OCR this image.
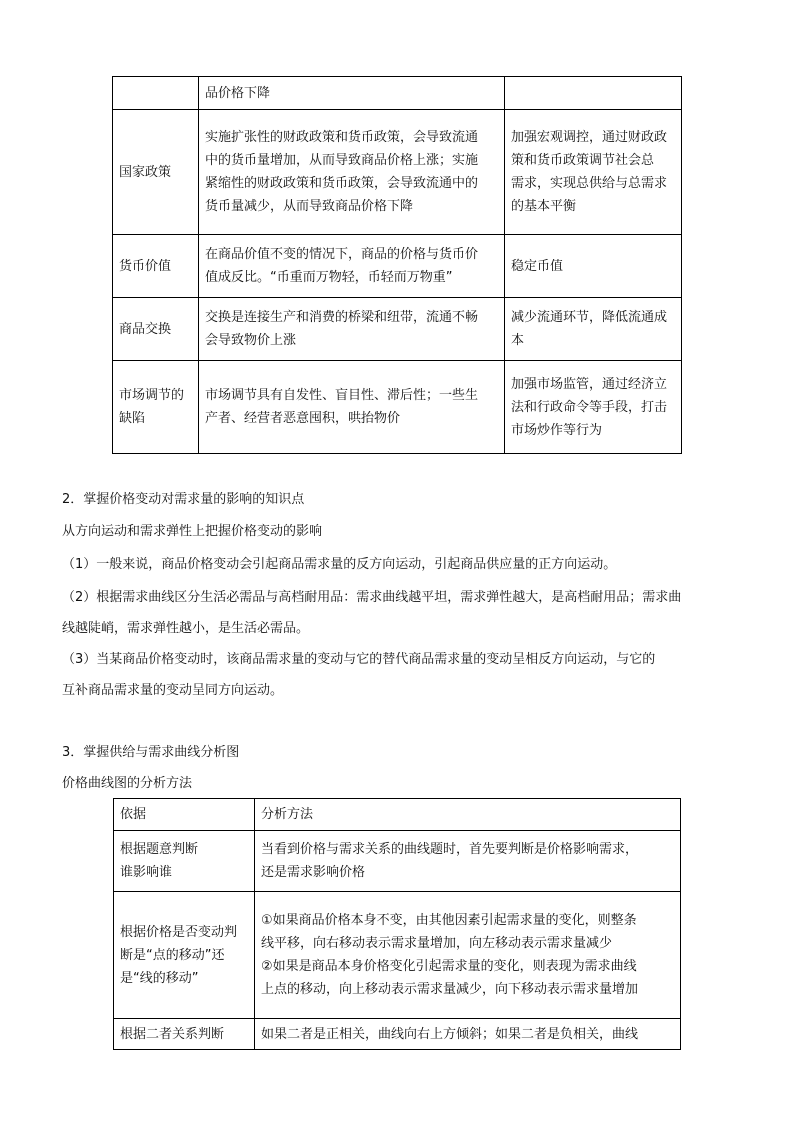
	品价格下降	

国家政策	实施扩张性的财政政策和货币政策，会导致流通
中的货币量增加，从而导致商品价格上涨；实施
紧缩性的财政政策和货币政策，会导致流通中的
货币量减少，从而导致商品价格下降	加强宏观调控，通过财政政
策和货币政策调节社会总
需求，实现总供给与总需求
的基本平衡

货币价值	在商品价值不变的情况下，商品的价格与货币价
值成反比。“币重而万物轻，币轻而万物重”	稳定币值

商品交换	交换是连接生产和消费的桥梁和纽带，流通不畅
会导致物价上涨	减少流通环节，降低流通成
本

市场调节的
缺陷	市场调节具有自发性、盲目性、滞后性；一些生
产者、经营者恶意囤积，哄抬物价	加强市场监管，通过经济立
法和行政命令等手段，打击
市场炒作等行为
2．掌握价格变动对需求量的影响的知识点
从方向运动和需求弹性上把握价格变动的影响
（1）一般来说，商品价格变动会引起商品需求量的反方向运动，引起商品供应量的正方向运动。
（2）根据需求曲线区分生活必需品与高档耐用品：需求曲线越平坦，需求弹性越大，是高档耐用品；需求曲
线越陡峭，需求弹性越小，是生活必需品。
（3）当某商品价格变动时，该商品需求量的变动与它的替代商品需求量的变动呈相反方向运动，与它的
互补商品需求量的变动呈同方向运动。
3．掌握供给与需求曲线分析图
价格曲线图的分析方法
依据	分析方法

根据题意判断
谁影响谁	当看到价格与需求关系的曲线题时，首先要判断是价格影响需求，
还是需求影响价格

根据价格是否变动判
断是“点的移动”还
是“线的移动”	①如果商品价格本身不变，由其他因素引起需求量的变化，则整条
线平移，向右移动表示需求量增加，向左移动表示需求量减少
②如果是商品本身价格变化引起需求量的变化，则表现为需求曲线
上点的移动，向上移动表示需求量减少，向下移动表示需求量增加

根据二者关系判断	如果二者是正相关，曲线向右上方倾斜；如果二者是负相关，曲线
